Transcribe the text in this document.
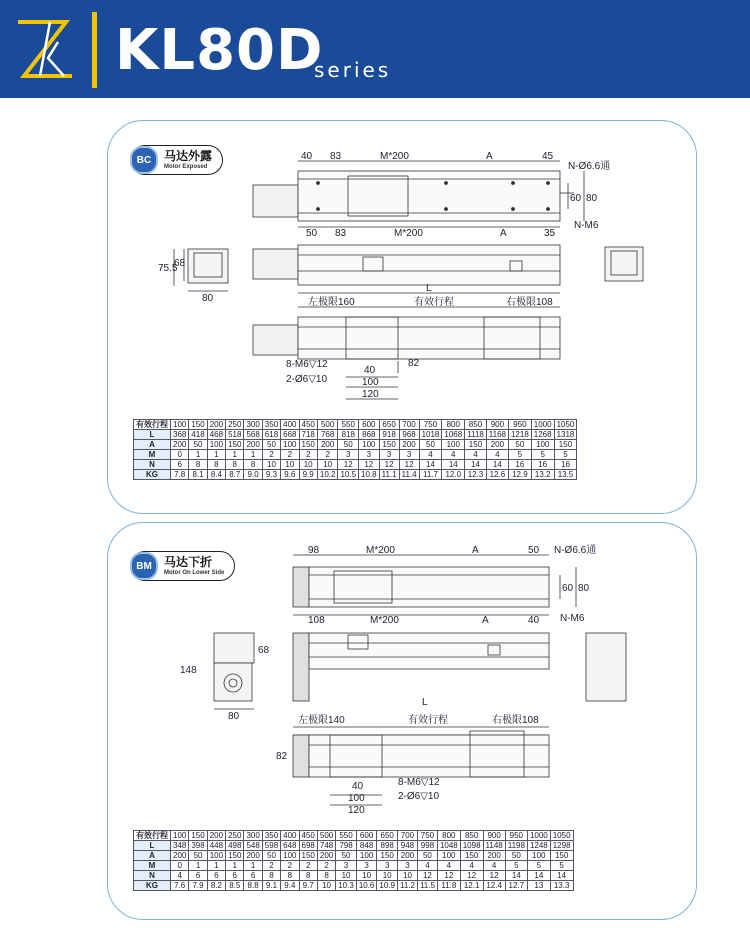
KL80D
series
BC	马达外露
Motor Exposed
40 83	M*200	A	45
N-Ø6.6通
60 80
50 83	M*200	A	35
N-M6
75.5
68
80
L
左极限160	有效行程	右极限108
82
8-M6▽12
2-Ø6▽10
40
100
120
有效行程	100	150	200	250	300	350	400	450	500	550	600	650	700	750	800	850	900	950	1000	1050
L	368	418	468	518	568	618	668	718	768	818	868	918	968	1018	1068	1118	1168	1218	1268	1318
A	200	50	100	150	200	50	100	150	200	50	100	150	200	50	100	150	200	50	100	150
M	0	1	1	1	1	2	2	2	2	3	3	3	3	4	4	4	4	5	5	5
N	6	8	8	8	8	10	10	10	10	12	12	12	12	14	14	14	14	16	16	16
KG	7.8	8.1	8.4	8.7	9.0	9.3	9.6	9.9	10.2	10.5	10.8	11.1	11.4	11.7	12.0	12.3	12.6	12.9	13.2	13.5
BM	马达下折
Motor On Lower Side
98	M*200	A	50 N-Ø6.6通
60 80
108	M*200	A	40 N-M6
148
68
80
L
左极限140	有效行程	右极限108
82
8-M6▽12
2-Ø6▽10
40
100
120
有效行程	100	150	200	250	300	350	400	450	500	550	600	650	700	750	800	850	900	950	1000	1050
L	348	398	448	498	548	598	648	698	748	798	848	898	948	998	1048	1098	1148	1198	1248	1298
A	200	50	100	150	200	50	100	150	200	50	100	150	200	50	100	150	200	50	100	150
M	0	1	1	1	1	2	2	2	2	3	3	3	3	4	4	4	4	5	5	5
N	4	6	6	6	6	8	8	8	8	10	10	10	10	12	12	12	12	14	14	14
KG	7.6	7.9	8.2	8.5	8.8	9.1	9.4	9.7	10	10.3	10.6	10.9	11.2	11.5	11.8	12.1	12.4	12.7	13	13.3
